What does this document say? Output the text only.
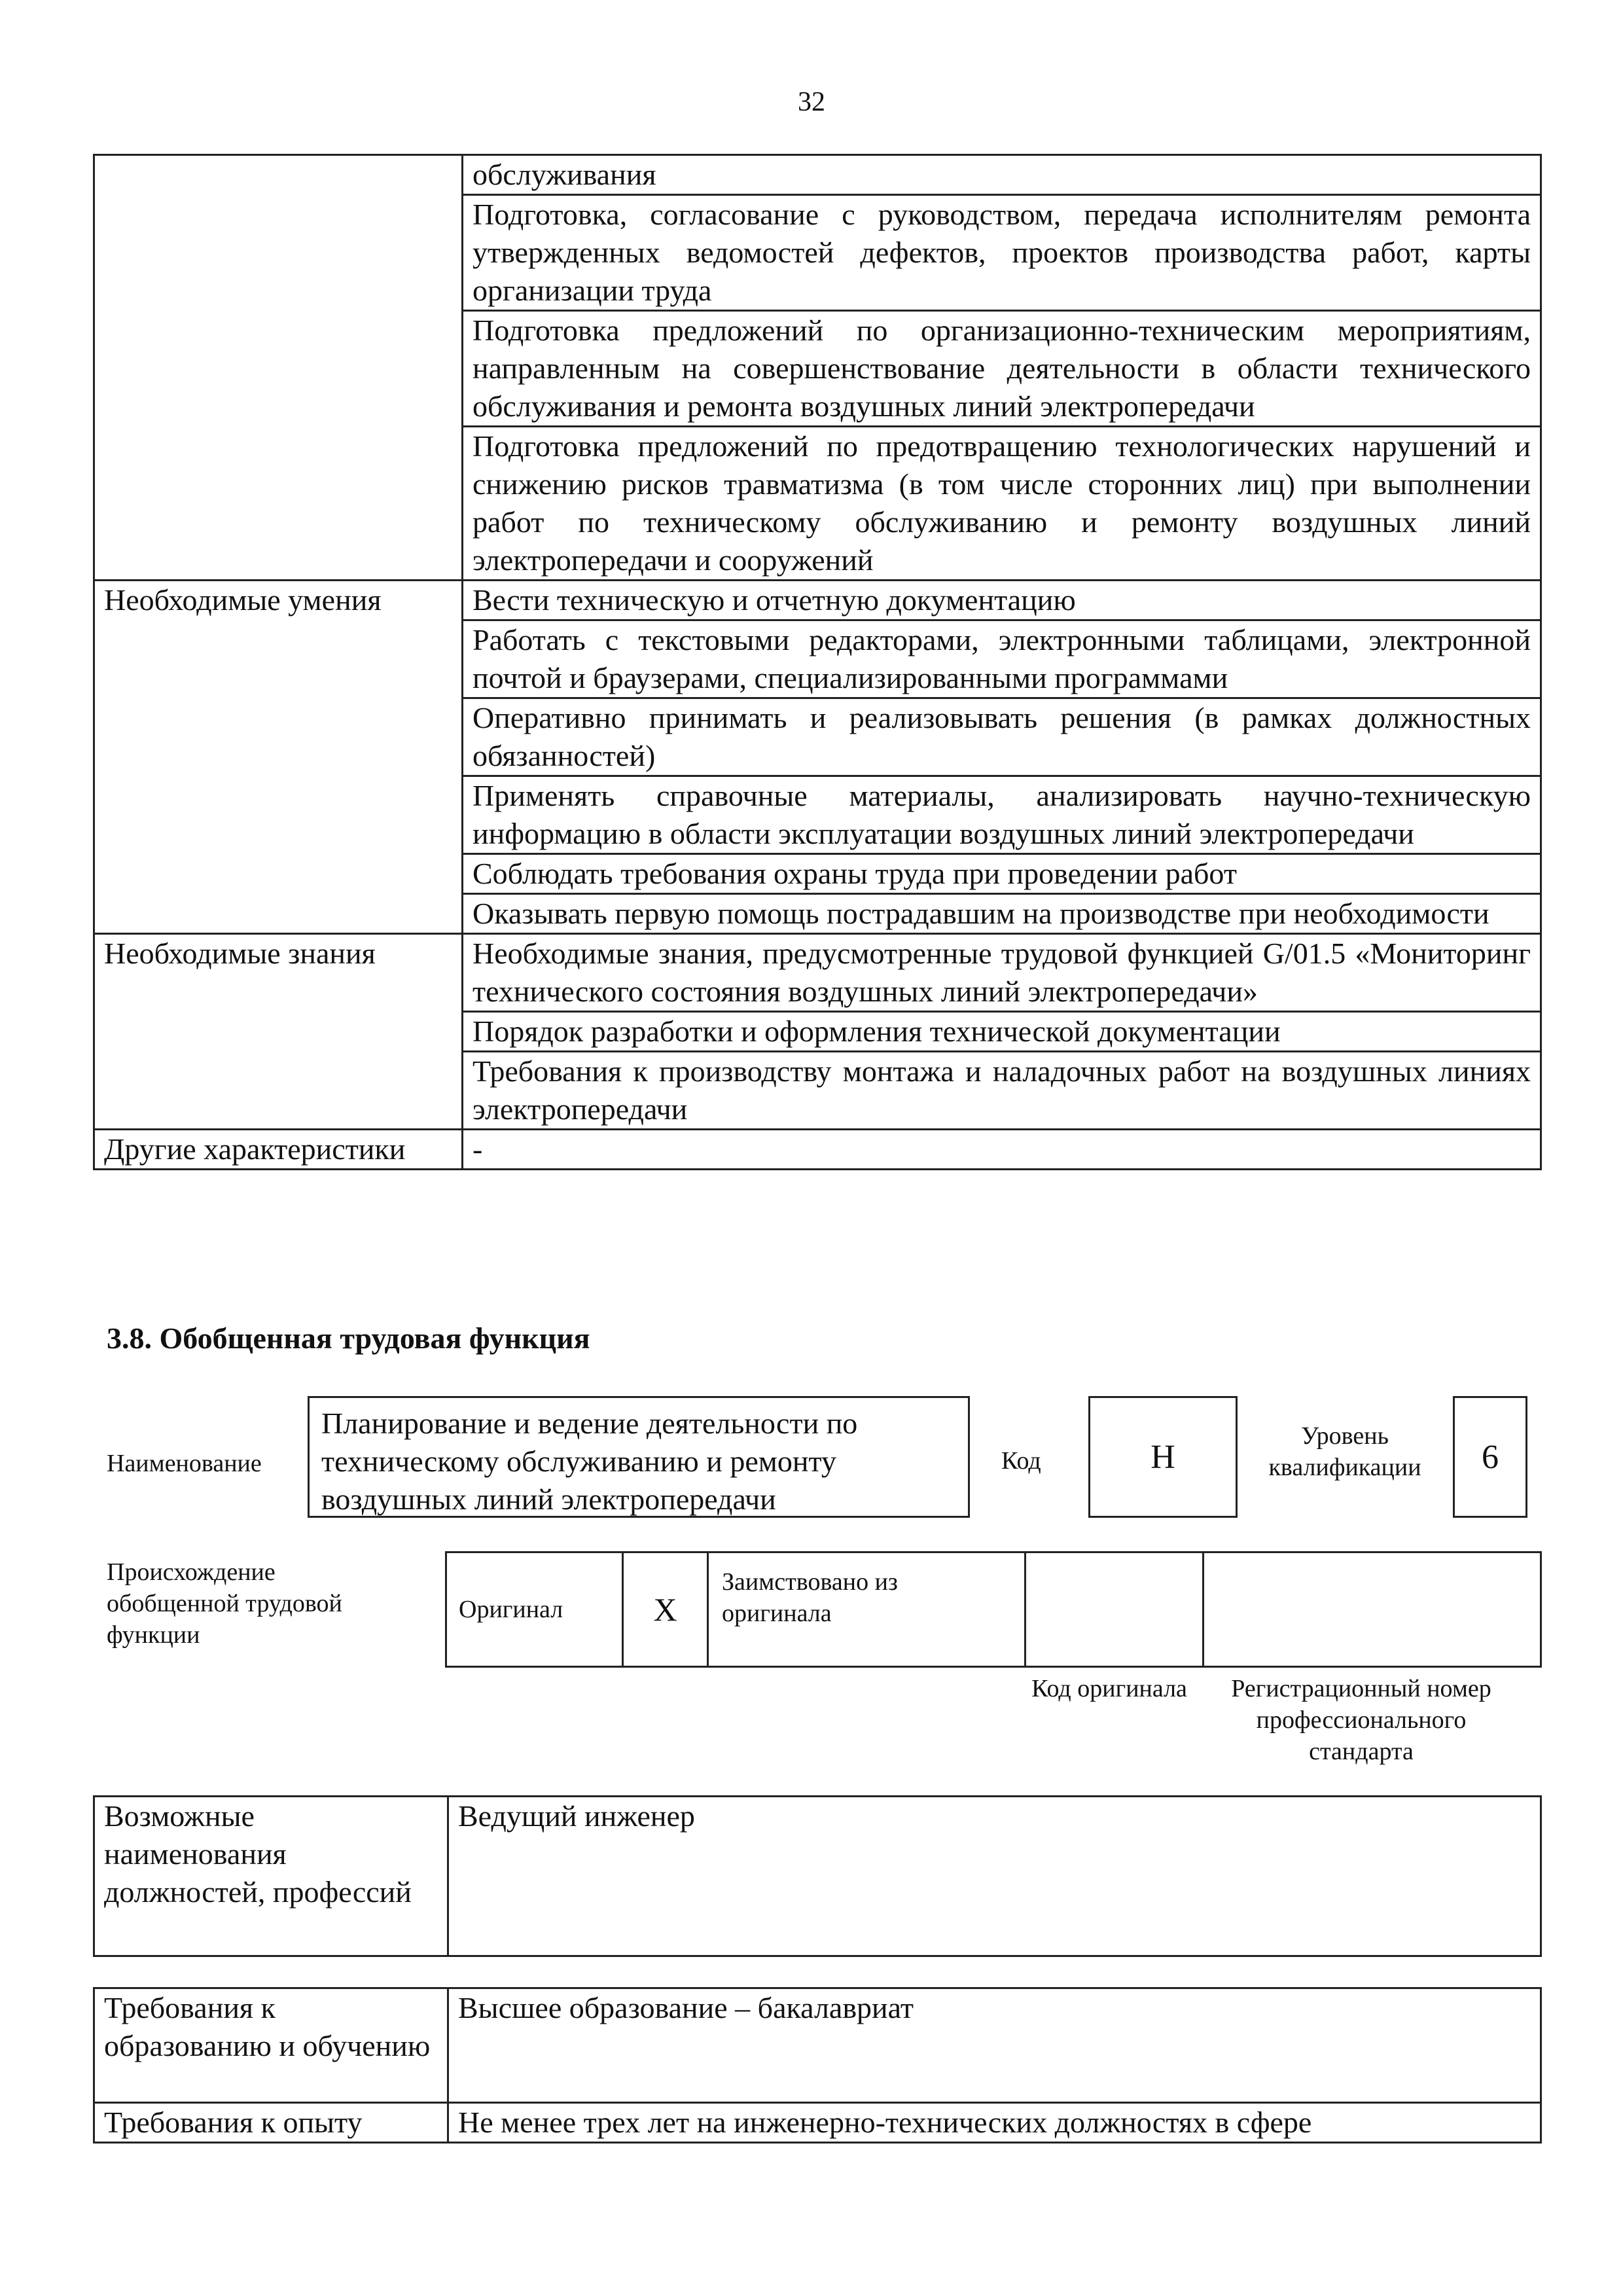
32
	обслуживания
	Подготовка, согласование с руководством, передача исполнителям ремонта утвержденных ведомостей дефектов, проектов производства работ, карты организации труда
	Подготовка предложений по организационно-техническим мероприятиям, направленным на совершенствование деятельности в области технического обслуживания и ремонта воздушных линий электропередачи
	Подготовка предложений по предотвращению технологических нарушений и снижению рисков травматизма (в том числе сторонних лиц) при выполнении работ по техническому обслуживанию и ремонту воздушных линий электропередачи и сооружений
Необходимые умения	Вести техническую и отчетную документацию
	Работать с текстовыми редакторами, электронными таблицами, электронной почтой и браузерами, специализированными программами
	Оперативно принимать и реализовывать решения (в рамках должностных обязанностей)
	Применять справочные материалы, анализировать научно-техническую информацию в области эксплуатации воздушных линий электропередачи
	Соблюдать требования охраны труда при проведении работ
	Оказывать первую помощь пострадавшим на производстве при необходимости
Необходимые знания	Необходимые знания, предусмотренные трудовой функцией G/01.5 «Мониторинг технического состояния воздушных линий электропередачи»
	Порядок разработки и оформления технической документации
	Требования к производству монтажа и наладочных работ на воздушных линиях электропередачи
Другие характеристики	-
3.8. Обобщенная трудовая функция
Наименование
Планирование и ведение деятельности по техническому обслуживанию и ремонту воздушных линий электропередачи
Код	H
Уровень квалификации	6
Происхождение обобщенной трудовой функции
Оригинал	X
Заимствовано из оригинала
Код оригинала	Регистрационный номер профессионального стандарта
Возможные наименования должностей, профессий	Ведущий инженер
Требования к образованию и обучению	Высшее образование – бакалавриат
Требования к опыту	Не менее трех лет на инженерно-технических должностях в сфере
